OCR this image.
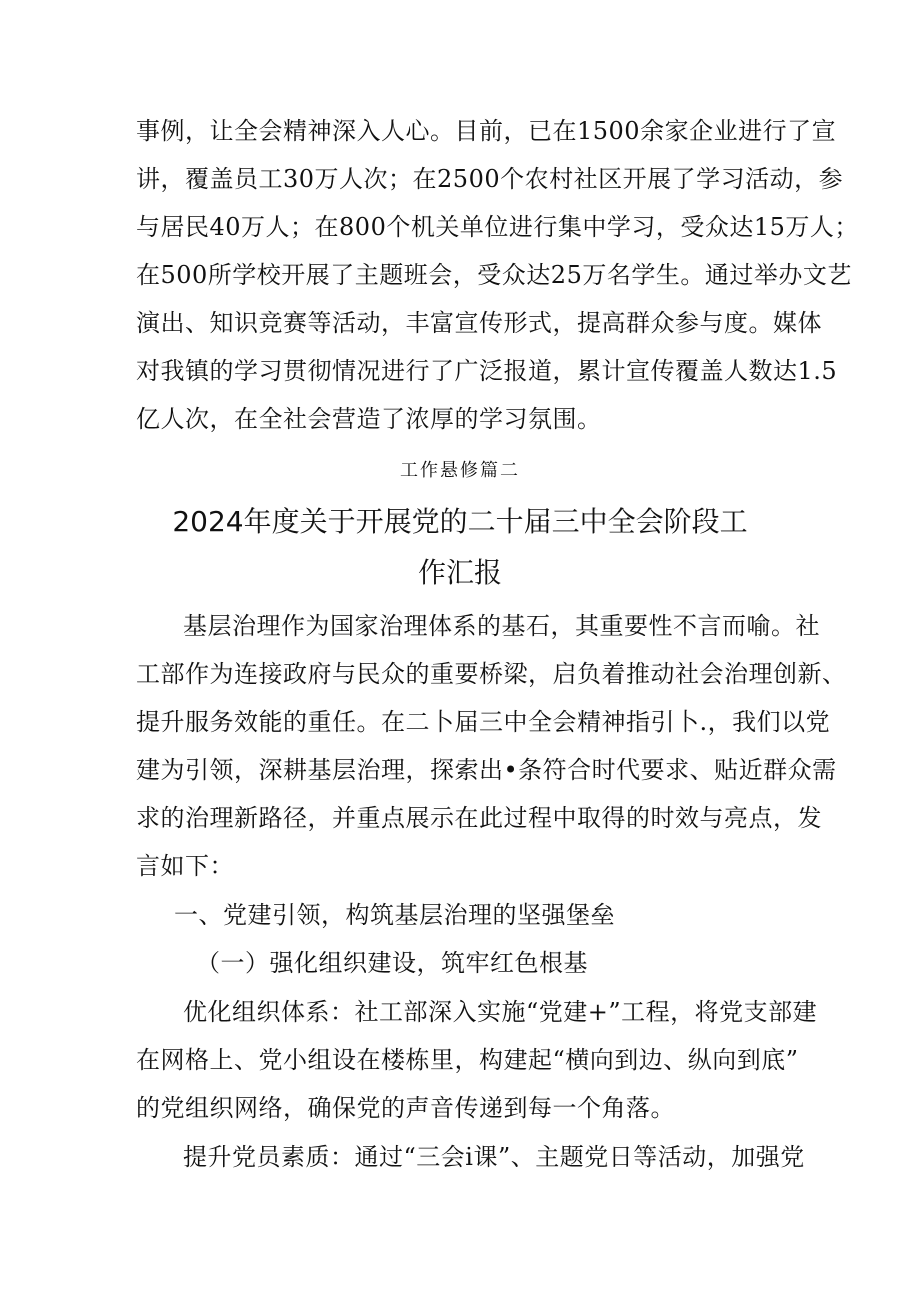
事例，让全会精神深入人心。目前，已在1500余家企业进行了宣
讲，覆盖员工30万人次；在2500个农村社区开展了学习活动，参
与居民40万人；在800个机关单位进行集中学习，受众达15万人；
在500所学校开展了主题班会，受众达25万名学生。通过举办文艺
演出、知识竞赛等活动，丰富宣传形式，提高群众参与度。媒体
对我镇的学习贯彻情况进行了广泛报道，累计宣传覆盖人数达1.5
亿人次，在全社会营造了浓厚的学习氛围。
工作悬修篇二
2024年度关于开展党的二十届三中全会阶段工
作汇报
基层治理作为国家治理体系的基石，其重要性不言而喻。社
工部作为连接政府与民众的重要桥梁，启负着推动社会治理创新、
提升服务效能的重任。在二卜届三中全会精神指引卜.，我们以党
建为引领，深耕基层治理，探索出•条符合时代要求、贴近群众需
求的治理新路径，并重点展示在此过程中取得的时效与亮点，发
言如下：
一、党建引领，构筑基层治理的坚强堡垒
（一）强化组织建设，筑牢红色根基
优化组织体系：社工部深入实施“党建+”工程，将党支部建
在网格上、党小组设在楼栋里，构建起“横向到边、纵向到底”
的党组织网络，确保党的声音传递到每一个角落。
提升党员素质：通过“三会i课”、主题党日等活动，加强党
